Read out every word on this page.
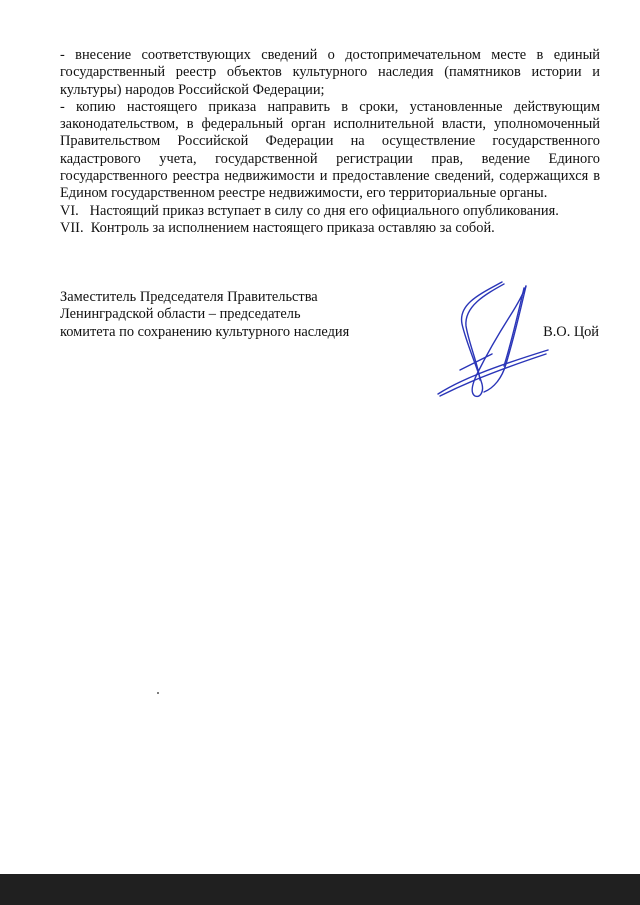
- внесение соответствующих сведений о достопримечательном месте в единый государственный реестр объектов культурного наследия (памятников истории и культуры) народов Российской Федерации;

- копию настоящего приказа направить в сроки, установленные действующим законодательством, в федеральный орган исполнительной власти, уполномоченный Правительством Российской Федерации на осуществление государственного кадастрового учета, государственной регистрации прав, ведение Единого государственного реестра недвижимости и предоставление сведений, содержащихся в Едином государственном реестре недвижимости, его территориальные органы.

VI.   Настоящий приказ вступает в силу со дня его официального опубликования.

VII.  Контроль за исполнением настоящего приказа оставляю за собой.

Заместитель Председателя Правительства

Ленинградской области – председатель

комитета по сохранению культурного наследия	В.О. Цой
